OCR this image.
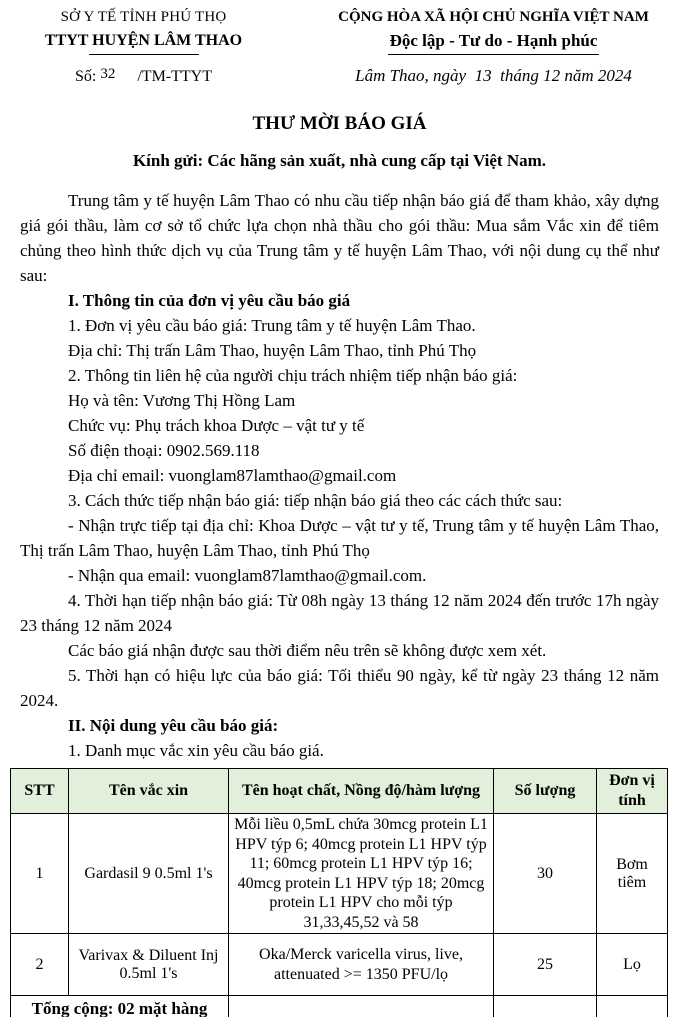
SỞ Y TẾ TỈNH PHÚ THỌ
TTYT HUYỆN LÂM THAO
Số: 32 /TM-TTYT
CỘNG HÒA XÃ HỘI CHỦ NGHĨA VIỆT NAM
Độc lập - Tư do - Hạnh phúc
Lâm Thao, ngày  13  tháng 12 năm 2024
THƯ MỜI BÁO GIÁ
Kính gửi: Các hãng sản xuất, nhà cung cấp tại Việt Nam.

Trung tâm y tế huyện Lâm Thao có nhu cầu tiếp nhận báo giá để tham khảo, xây dựng giá gói thầu, làm cơ sở tổ chức lựa chọn nhà thầu cho gói thầu: Mua sắm Vắc xin để tiêm chủng theo hình thức dịch vụ của Trung tâm y tế huyện Lâm Thao, với nội dung cụ thể như sau:

I. Thông tin của đơn vị yêu cầu báo giá

1. Đơn vị yêu cầu báo giá: Trung tâm y tế huyện Lâm Thao.

Địa chỉ: Thị trấn Lâm Thao, huyện Lâm Thao, tỉnh Phú Thọ

2. Thông tin liên hệ của người chịu trách nhiệm tiếp nhận báo giá:

Họ và tên: Vương Thị Hồng Lam

Chức vụ: Phụ trách khoa Dược – vật tư y tế

Số điện thoại: 0902.569.118

Địa chỉ email: vuonglam87lamthao@gmail.com

3. Cách thức tiếp nhận báo giá: tiếp nhận báo giá theo các cách thức sau:

- Nhận trực tiếp tại địa chỉ: Khoa Dược – vật tư y tế, Trung tâm y tế huyện Lâm Thao, Thị trấn Lâm Thao, huyện Lâm Thao, tỉnh Phú Thọ

- Nhận qua email: vuonglam87lamthao@gmail.com.

4. Thời hạn tiếp nhận báo giá: Từ 08h ngày 13 tháng 12 năm 2024 đến trước 17h ngày 23 tháng 12 năm 2024

Các báo giá nhận được sau thời điểm nêu trên sẽ không được xem xét.

5. Thời hạn có hiệu lực của báo giá: Tối thiểu 90 ngày, kể từ ngày 23 tháng 12 năm 2024.

II. Nội dung yêu cầu báo giá:

1. Danh mục vắc xin yêu cầu báo giá.

STT	Tên vắc xin	Tên hoạt chất, Nồng độ/hàm lượng	Số lượng	Đơn vị tính
1	Gardasil 9 0.5ml 1's	Mỗi liều 0,5mL chứa 30mcg protein L1 HPV týp 6; 40mcg protein L1 HPV týp 11; 60mcg protein L1 HPV týp 16; 40mcg protein L1 HPV týp 18; 20mcg protein L1 HPV cho mỗi týp 31,33,45,52 và 58	30	Bơm tiêm
2	Varivax & Diluent Inj 0.5ml 1's	Oka/Merck varicella virus, live, attenuated >= 1350 PFU/lọ	25	Lọ
Tổng cộng: 02 mặt hàng				
